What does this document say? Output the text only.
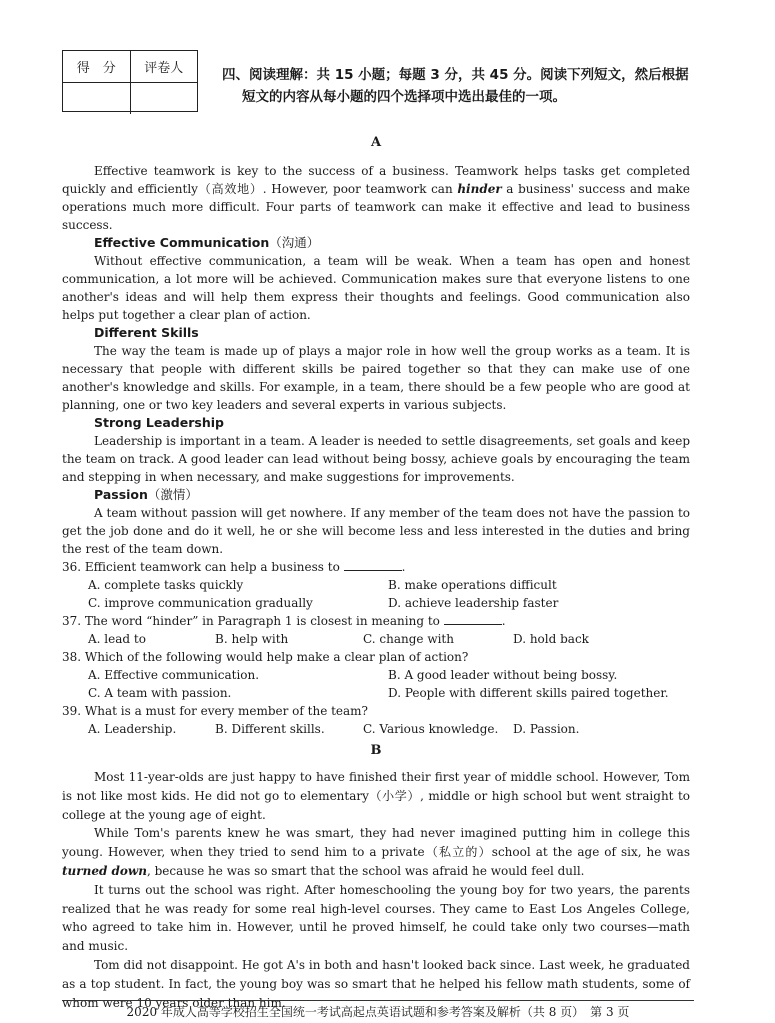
得　分	评卷人	四、阅读理解：共 15 小题；每题 3 分，共 45 分。阅读下列短文，然后根据
短文的内容从每小题的四个选择项中选出最佳的一项。
A

Effective teamwork is key to the success of a business. Teamwork helps tasks get completed quickly and efficiently（高效地）. However, poor teamwork can hinder a business' success and make operations much more difficult. Four parts of teamwork can make it effective and lead to business success.

Effective Communication（沟通）

Without effective communication, a team will be weak. When a team has open and honest communication, a lot more will be achieved. Communication makes sure that everyone listens to one another's ideas and will help them express their thoughts and feelings. Good communication also helps put together a clear plan of action.

Different Skills

The way the team is made up of plays a major role in how well the group works as a team. It is necessary that people with different skills be paired together so that they can make use of one another's knowledge and skills. For example, in a team, there should be a few people who are good at planning, one or two key leaders and several experts in various subjects.

Strong Leadership

Leadership is important in a team. A leader is needed to settle disagreements, set goals and keep the team on track. A good leader can lead without being bossy, achieve goals by encouraging the team and stepping in when necessary, and make suggestions for improvements.

Passion（激情）

A team without passion will get nowhere. If any member of the team does not have the passion to get the job done and do it well, he or she will become less and less interested in the duties and bring the rest of the team down.

36. Efficient teamwork can help a business to	.

A. complete tasks quickly	B. make operations difficult
C. improve communication gradually	D. achieve leadership faster

37. The word “hinder” in Paragraph 1 is closest in meaning to	.

A. lead to	B. help with	C. change with	D. hold back

38. Which of the following would help make a clear plan of action?

A. Effective communication.	B. A good leader without being bossy.
C. A team with passion.	D. People with different skills paired together.

39. What is a must for every member of the team?

A. Leadership.	B. Different skills.	C. Various knowledge.	D. Passion.
B

Most 11-year-olds are just happy to have finished their first year of middle school. However, Tom is not like most kids. He did not go to elementary（小学）, middle or high school but went straight to college at the young age of eight.

While Tom's parents knew he was smart, they had never imagined putting him in college this young. However, when they tried to send him to a private（私立的）school at the age of six, he was turned down, because he was so smart that the school was afraid he would feel dull.

It turns out the school was right. After homeschooling the young boy for two years, the parents realized that he was ready for some real high-level courses. They came to East Los Angeles College, who agreed to take him in. However, until he proved himself, he could take only two courses—math and music.

Tom did not disappoint. He got A's in both and hasn't looked back since. Last week, he graduated as a top student. In fact, the young boy was so smart that he helped his fellow math students, some of whom were 10 years older than him.

2020 年成人高等学校招生全国统一考试高起点英语试题和参考答案及解析（共 8 页）　第 3 页
